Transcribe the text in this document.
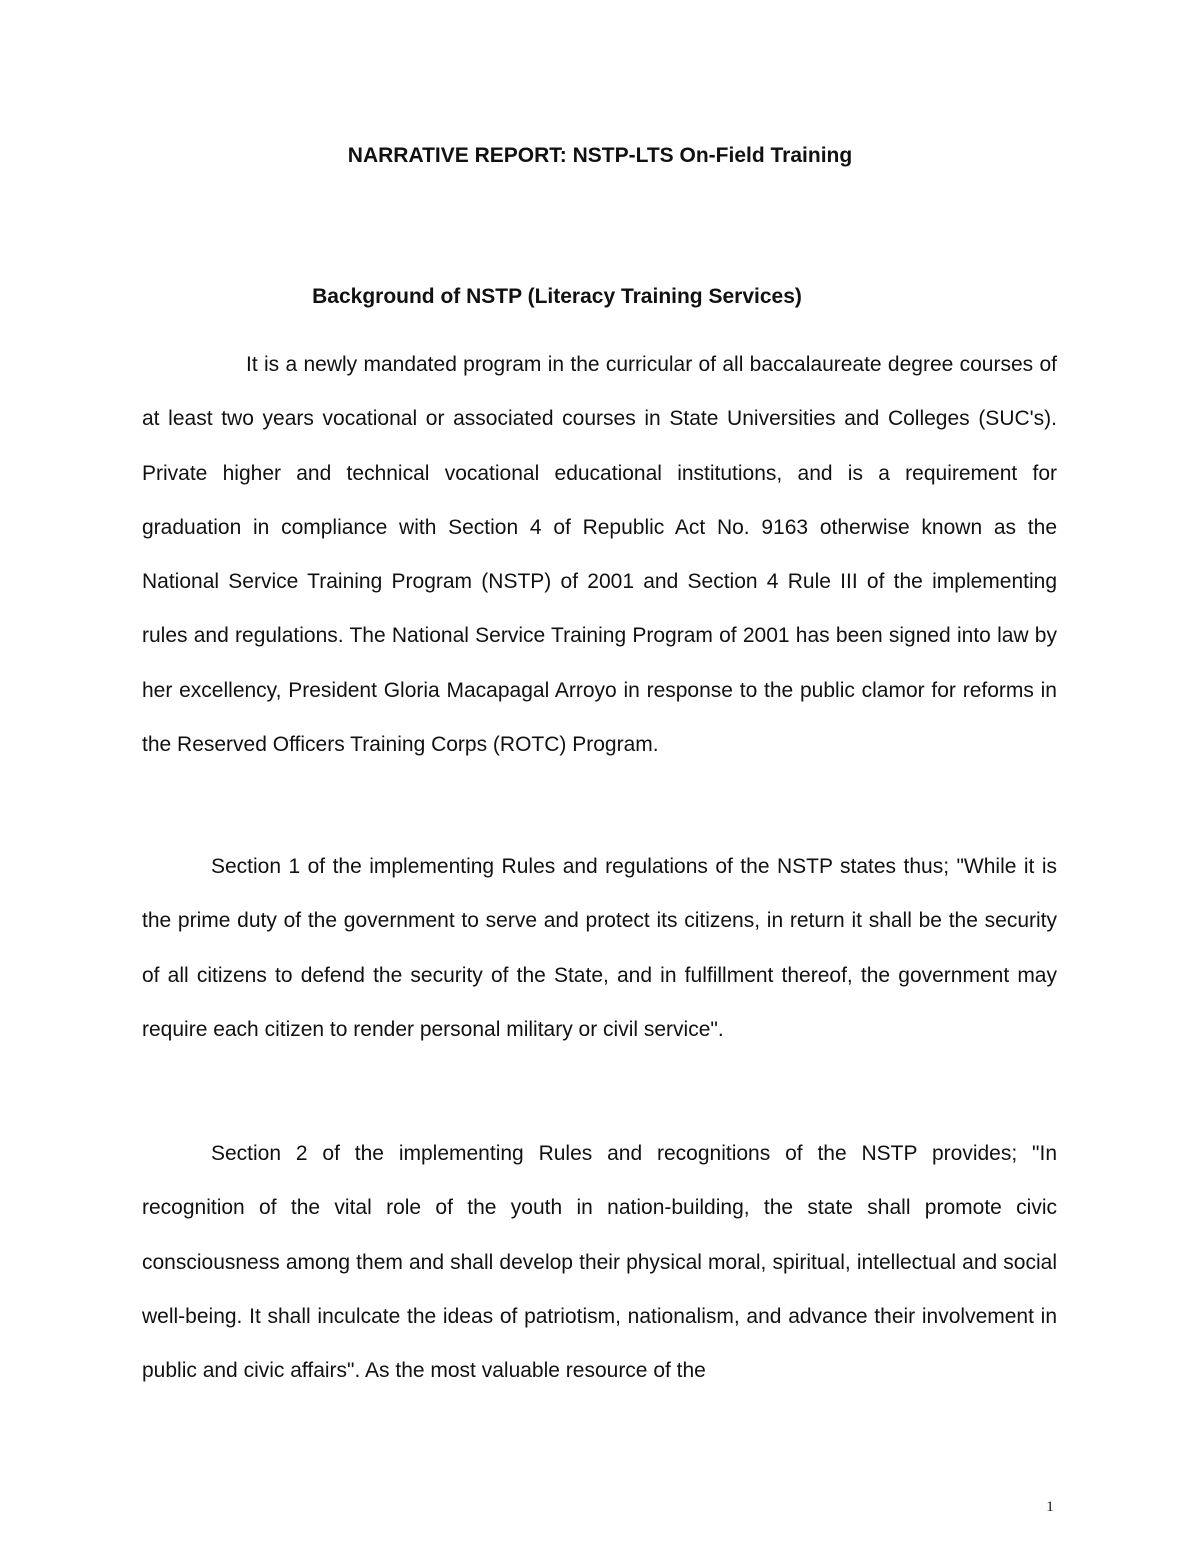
NARRATIVE REPORT: NSTP-LTS On-Field Training
Background of NSTP (Literacy Training Services)

It is a newly mandated program in the curricular of all baccalaureate degree courses of at least two years vocational or associated courses in State Universities and Colleges (SUC's). Private higher and technical vocational educational institutions, and is a requirement for graduation in compliance with Section 4 of Republic Act No. 9163 otherwise known as the National Service Training Program (NSTP) of 2001 and Section 4 Rule III of the implementing rules and regulations. The National Service Training Program of 2001 has been signed into law by her excellency, President Gloria Macapagal Arroyo in response to the public clamor for reforms in the Reserved Officers Training Corps (ROTC) Program.

Section 1 of the implementing Rules and regulations of the NSTP states thus; "While it is the prime duty of the government to serve and protect its citizens, in return it shall be the security of all citizens to defend the security of the State, and in fulfillment thereof, the government may require each citizen to render personal military or civil service".

Section 2 of the implementing Rules and recognitions of the NSTP provides; "In recognition of the vital role of the youth in nation-building, the state shall promote civic consciousness among them and shall develop their physical moral, spiritual, intellectual and social well-being. It shall inculcate the ideas of patriotism, nationalism, and advance their involvement in public and civic affairs". As the most valuable resource of the

1
